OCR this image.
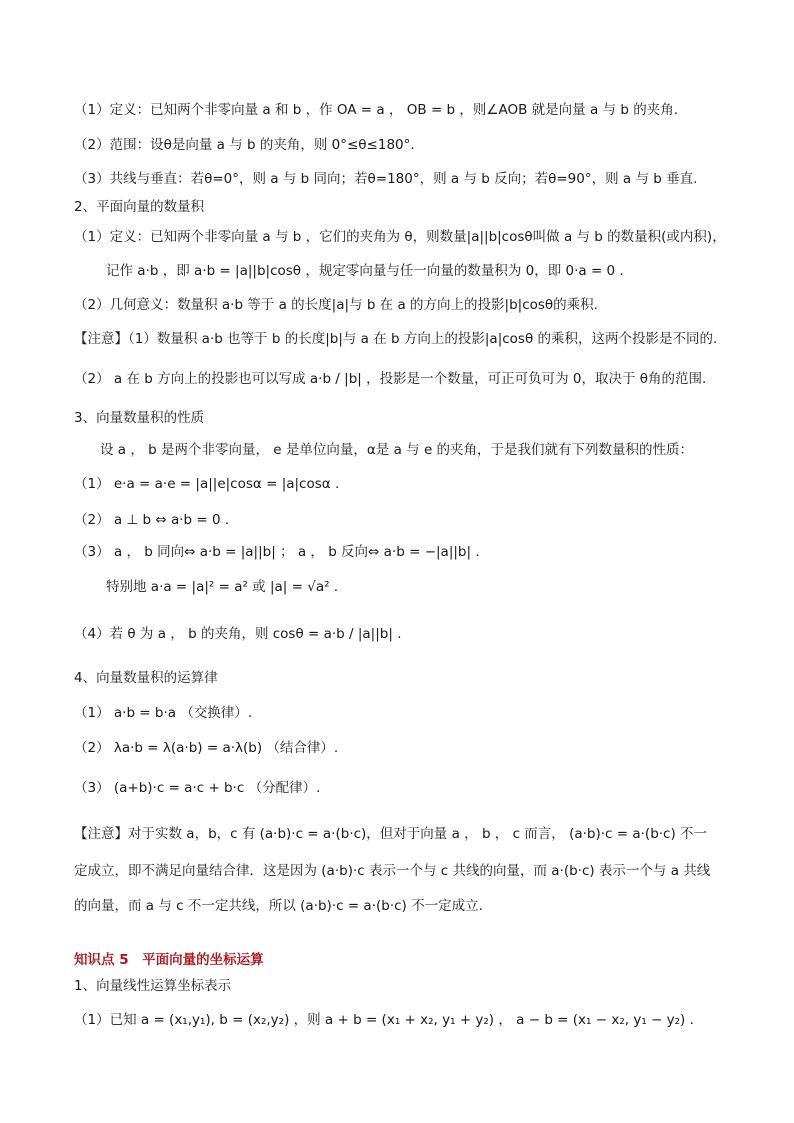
（1）定义：已知两个非零向量 a 和 b ，作 OA = a ， OB = b ，则∠AOB 就是向量 a 与 b 的夹角.
（2）范围：设θ是向量 a 与 b 的夹角，则 0°≤θ≤180°.
（3）共线与垂直：若θ=0°，则 a 与 b 同向；若θ=180°，则 a 与 b 反向；若θ=90°，则 a 与 b 垂直.
2、平面向量的数量积
（1）定义：已知两个非零向量 a 与 b ，它们的夹角为 θ，则数量|a||b|cosθ叫做 a 与 b 的数量积(或内积)，
记作 a·b ，即 a·b = |a||b|cosθ ，规定零向量与任一向量的数量积为 0，即 0·a = 0 .
（2）几何意义：数量积 a·b 等于 a 的长度|a|与 b 在 a 的方向上的投影|b|cosθ的乘积.
【注意】（1）数量积 a·b 也等于 b 的长度|b|与 a 在 b 方向上的投影|a|cosθ 的乘积，这两个投影是不同的.
（2） a 在 b 方向上的投影也可以写成 a·b / |b| ，投影是一个数量，可正可负可为 0，取决于 θ角的范围.
3、向量数量积的性质
设 a ， b 是两个非零向量， e 是单位向量，α是 a 与 e 的夹角，于是我们就有下列数量积的性质：
（1） e·a = a·e = |a||e|cosα = |a|cosα .
（2） a ⊥ b ⇔ a·b = 0 .
（3） a ， b 同向⇔ a·b = |a||b| ； a ， b 反向⇔ a·b = −|a||b| .
特别地 a·a = |a|² = a² 或 |a| = √a² .
（4）若 θ 为 a ， b 的夹角，则 cosθ = a·b / |a||b| .
4、向量数量积的运算律
（1） a·b = b·a （交换律）.
（2） λa·b = λ(a·b) = a·λ(b) （结合律）.
（3） (a+b)·c = a·c + b·c （分配律）.
【注意】对于实数 a，b，c 有 (a·b)·c = a·(b·c)，但对于向量 a ， b ， c 而言， (a·b)·c = a·(b·c) 不一
定成立，即不满足向量结合律．这是因为 (a·b)·c 表示一个与 c 共线的向量，而 a·(b·c) 表示一个与 a 共线
的向量，而 a 与 c 不一定共线，所以 (a·b)·c = a·(b·c) 不一定成立.
知识点 5　平面向量的坐标运算
1、向量线性运算坐标表示
（1）已知 a = (x₁,y₁), b = (x₂,y₂) ，则 a + b = (x₁ + x₂, y₁ + y₂) ， a − b = (x₁ − x₂, y₁ − y₂) .
